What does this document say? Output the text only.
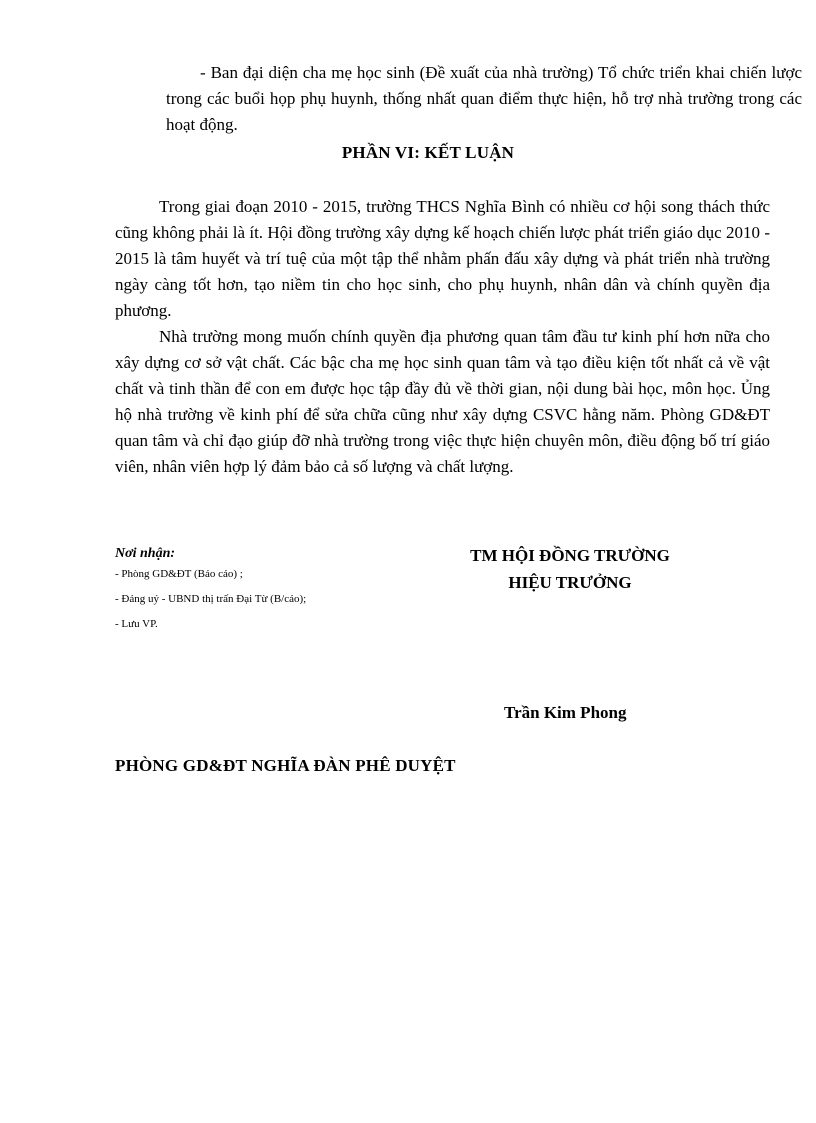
- Ban đại diện cha mẹ học sinh (Đề xuất của nhà trường) Tổ chức triển khai chiến lược trong các buổi họp phụ huynh, thống nhất quan điểm thực hiện, hỗ trợ nhà trường trong các hoạt động.
PHẦN VI: KẾT LUẬN

Trong giai đoạn 2010 - 2015, trường THCS Nghĩa Bình có nhiều cơ hội song thách thức cũng không phải là ít. Hội đồng trường xây dựng kế hoạch chiến lược phát triển giáo dục 2010 - 2015 là tâm huyết và trí tuệ của một tập thể nhằm phấn đấu xây dựng và phát triển nhà trường ngày càng tốt hơn, tạo niềm tin cho học sinh, cho phụ huynh, nhân dân và chính quyền địa phương.

Nhà trường mong muốn chính quyền địa phương quan tâm đầu tư kinh phí hơn nữa cho xây dựng cơ sở vật chất. Các bậc cha mẹ học sinh quan tâm và tạo điều kiện tốt nhất cả về vật chất và tinh thần để con em được học tập đầy đủ về thời gian, nội dung bài học, môn học. Ủng hộ nhà trường về kinh phí để sửa chữa cũng như xây dựng CSVC hằng năm. Phòng GD&ĐT quan tâm và chỉ đạo giúp đỡ nhà trường trong việc thực hiện chuyên môn, điều động bố trí giáo viên, nhân viên hợp lý đảm bảo cả số lượng và chất lượng.

Nơi nhận:
- Phòng GD&ĐT (Báo cáo) ;
- Đảng uỷ - UBND thị trấn Đại Từ (B/cáo);
- Lưu VP.
TM HỘI ĐỒNG TRƯỜNG
HIỆU TRƯỞNG
Trần Kim Phong
PHÒNG GD&ĐT NGHĨA ĐÀN PHÊ DUYỆT
